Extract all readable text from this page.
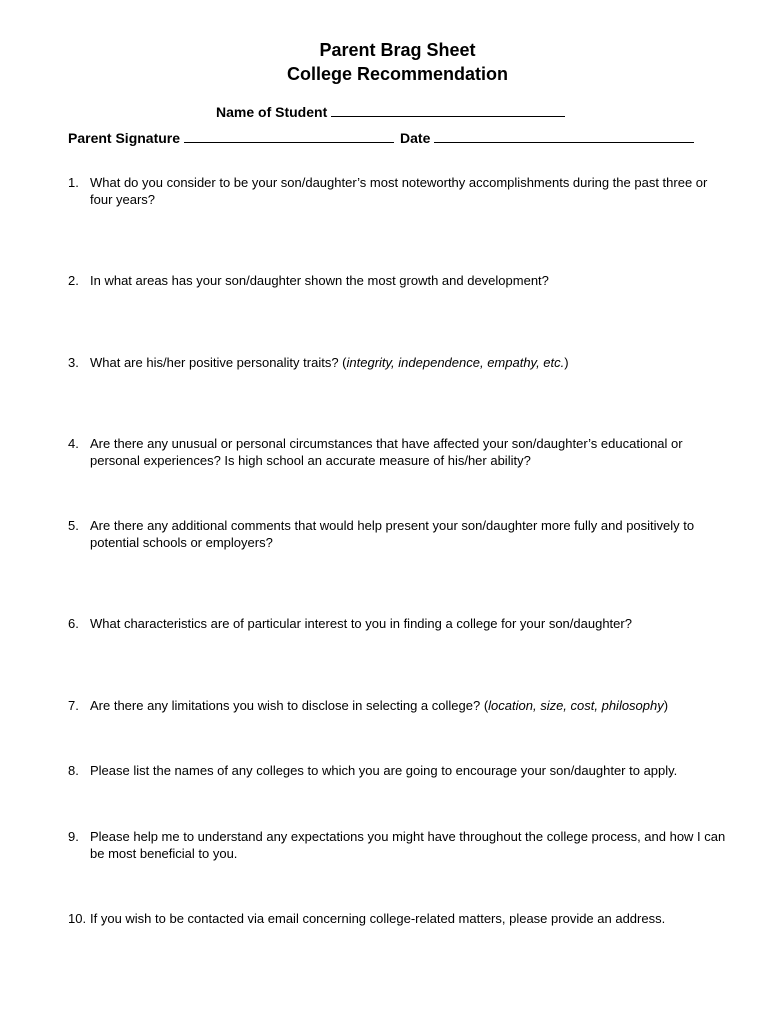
Parent Brag Sheet
College Recommendation
Name of Student
Parent Signature	Date
1. What do you consider to be your son/daughter’s most noteworthy accomplishments during the past three or four years?
2. In what areas has your son/daughter shown the most growth and development?
3. What are his/her positive personality traits? (integrity, independence, empathy, etc.)
4. Are there any unusual or personal circumstances that have affected your son/daughter’s educational or personal experiences? Is high school an accurate measure of his/her ability?
5. Are there any additional comments that would help present your son/daughter more fully and positively to potential schools or employers?
6. What characteristics are of particular interest to you in finding a college for your son/daughter?
7. Are there any limitations you wish to disclose in selecting a college? (location, size, cost, philosophy)
8. Please list the names of any colleges to which you are going to encourage your son/daughter to apply.
9. Please help me to understand any expectations you might have throughout the college process, and how I can be most beneficial to you.
10. If you wish to be contacted via email concerning college-related matters, please provide an address.
